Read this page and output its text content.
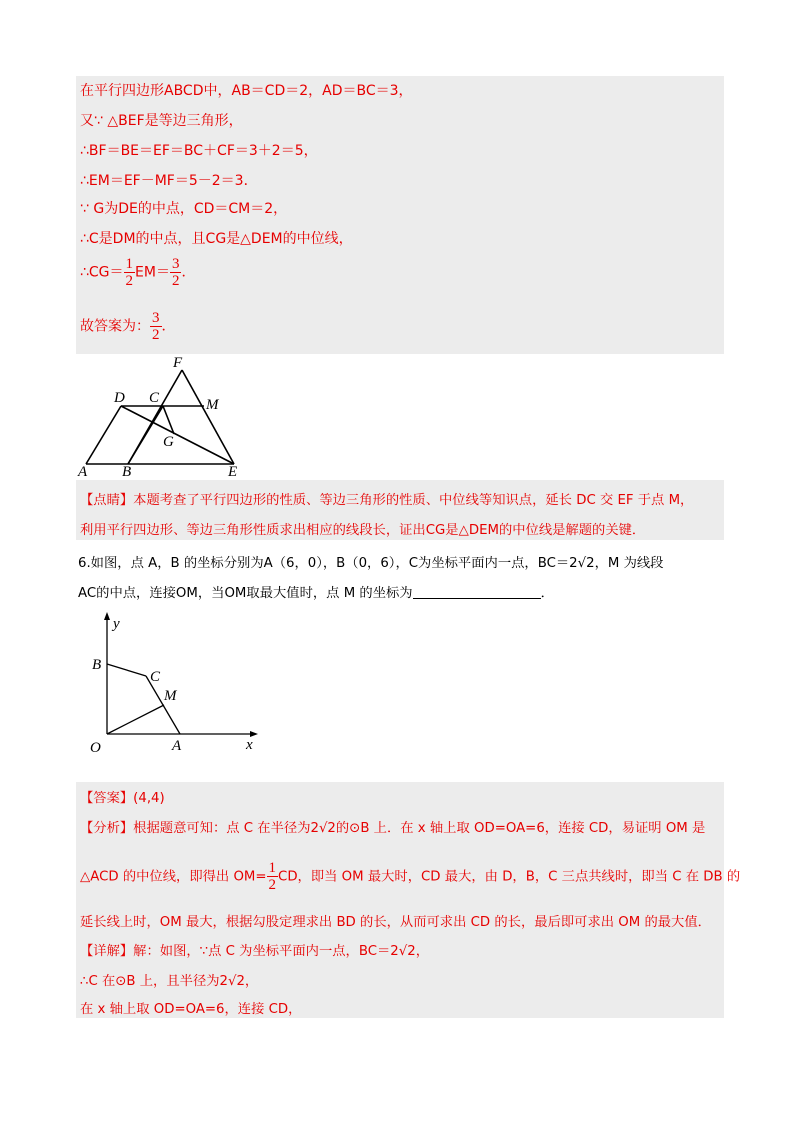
在平行四边形ABCD中，AB＝CD＝2，AD＝BC＝3，
又∵ △BEF是等边三角形，
∴BF＝BE＝EF＝BC＋CF＝3＋2＝5，
∴EM＝EF－MF＝5－2＝3．
∵ G为DE的中点，CD＝CM＝2，
∴C是DM的中点，且CG是△DEM的中位线，
∴CG＝ $\frac{1}{2} EM= \frac{3}{2}$ ．
故答案为： $\frac{3}{2}$ ．
F
D C	M
G
A B	E
【点睛】本题考查了平行四边形的性质、等边三角形的性质、中位线等知识点，延长 DC 交 EF 于点 M，
利用平行四边形、等边三角形性质求出相应的线段长，证出CG是△DEM的中位线是解题的关键．
6.如图，点 A，B 的坐标分别为A（6，0），B（0，6），C为坐标平面内一点，BC＝2√2，M 为线段
AC的中点，连接OM，当OM取最大值时，点 M 的坐标为	．
y
x
O	A
B
C
M
【答案】(4,4)
【分析】根据题意可知：点 C 在半径为2√2的⊙B 上．在 x 轴上取 OD=OA=6，连接 CD，易证明 OM 是
△ACD 的中位线，即得出 $OM= \frac{1}{2}$ CD，即当 OM 最大时，CD 最大，由 D，B，C 三点共线时，即当 C 在 DB 的
延长线上时，OM 最大，根据勾股定理求出 BD 的长，从而可求出 CD 的长，最后即可求出 OM 的最大值．
【详解】解：如图，∵点 C 为坐标平面内一点，BC＝2√2，
∴C 在⊙B 上，且半径为2√2，
在 x 轴上取 OD=OA=6，连接 CD，
